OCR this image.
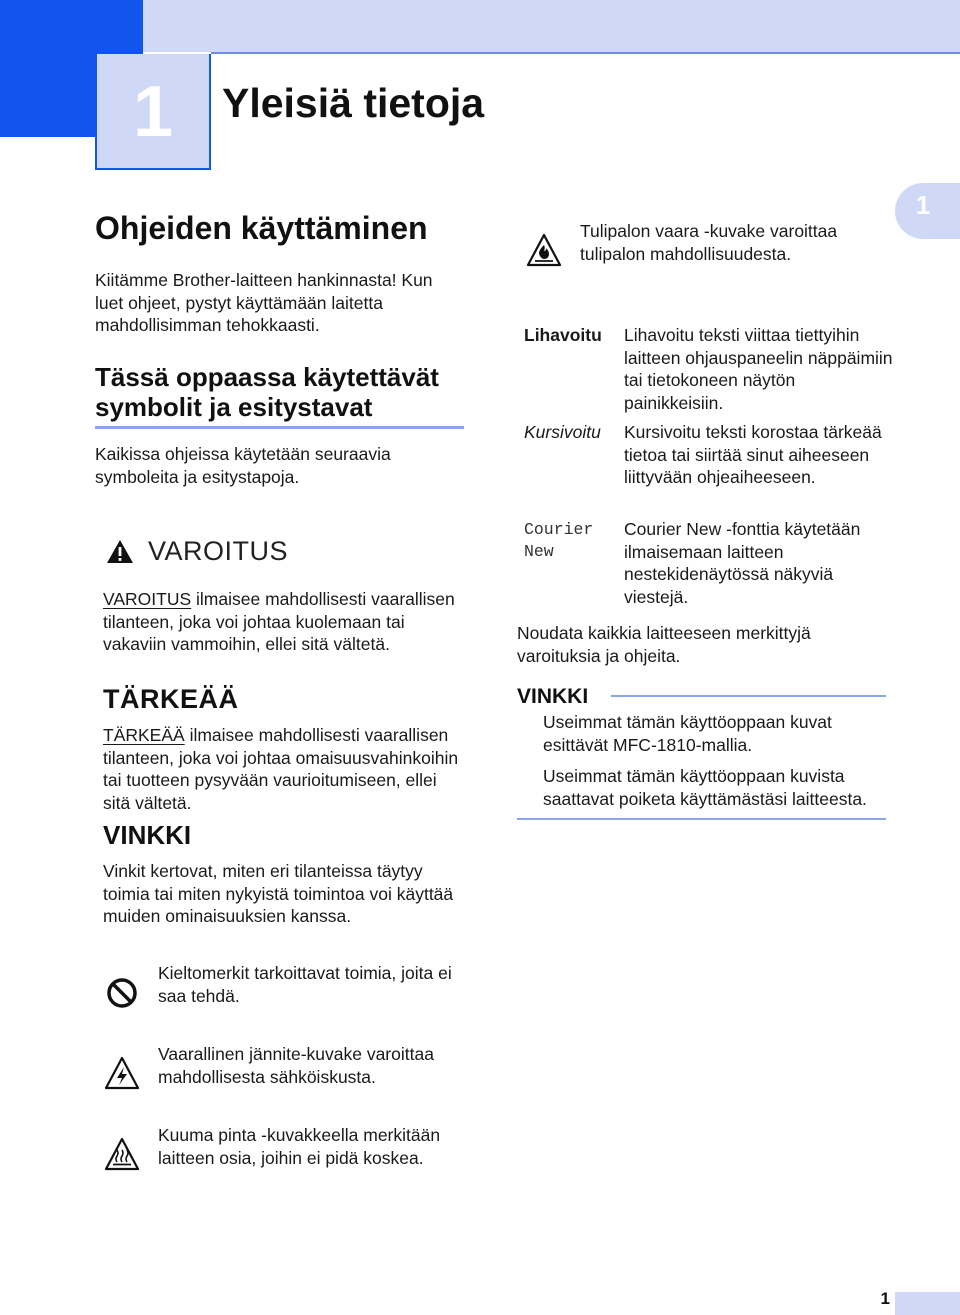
1	Yleisiä tietoja
1
Ohjeiden käyttäminen
Kiitämme Brother-laitteen hankinnasta! Kun luet ohjeet, pystyt käyttämään laitetta mahdollisimman tehokkaasti.
Tässä oppaassa käytettävät
symbolit ja esitystavat
Kaikissa ohjeissa käytetään seuraavia symboleita ja esitystapoja.
VAROITUS
VAROITUS ilmaisee mahdollisesti vaarallisen tilanteen, joka voi johtaa kuolemaan tai vakaviin vammoihin, ellei sitä vältetä.
TÄRKEÄÄ
TÄRKEÄÄ ilmaisee mahdollisesti vaarallisen tilanteen, joka voi johtaa omaisuusvahinkoihin tai tuotteen pysyvään vaurioitumiseen, ellei sitä vältetä.
VINKKI
Vinkit kertovat, miten eri tilanteissa täytyy toimia tai miten nykyistä toimintoa voi käyttää muiden ominaisuuksien kanssa.
Kieltomerkit tarkoittavat toimia, joita ei saa tehdä.
Vaarallinen jännite-kuvake varoittaa mahdollisesta sähköiskusta.
Kuuma pinta -kuvakkeella merkitään laitteen osia, joihin ei pidä koskea.
Tulipalon vaara -kuvake varoittaa tulipalon mahdollisuudesta.
Lihavoitu Lihavoitu teksti viittaa tiettyihin laitteen ohjauspaneelin näppäimiin tai tietokoneen näytön painikkeisiin.
Kursivoitu Kursivoitu teksti korostaa tärkeää tietoa tai siirtää sinut aiheeseen liittyvään ohjeaiheeseen.
Courier
New
Courier New -fonttia käytetään ilmaisemaan laitteen nestekidenäytössä näkyviä viestejä.
Noudata kaikkia laitteeseen merkittyjä varoituksia ja ohjeita.
VINKKI
Useimmat tämän käyttöoppaan kuvat esittävät MFC-1810-mallia.
Useimmat tämän käyttöoppaan kuvista saattavat poiketa käyttämästäsi laitteesta.
1
